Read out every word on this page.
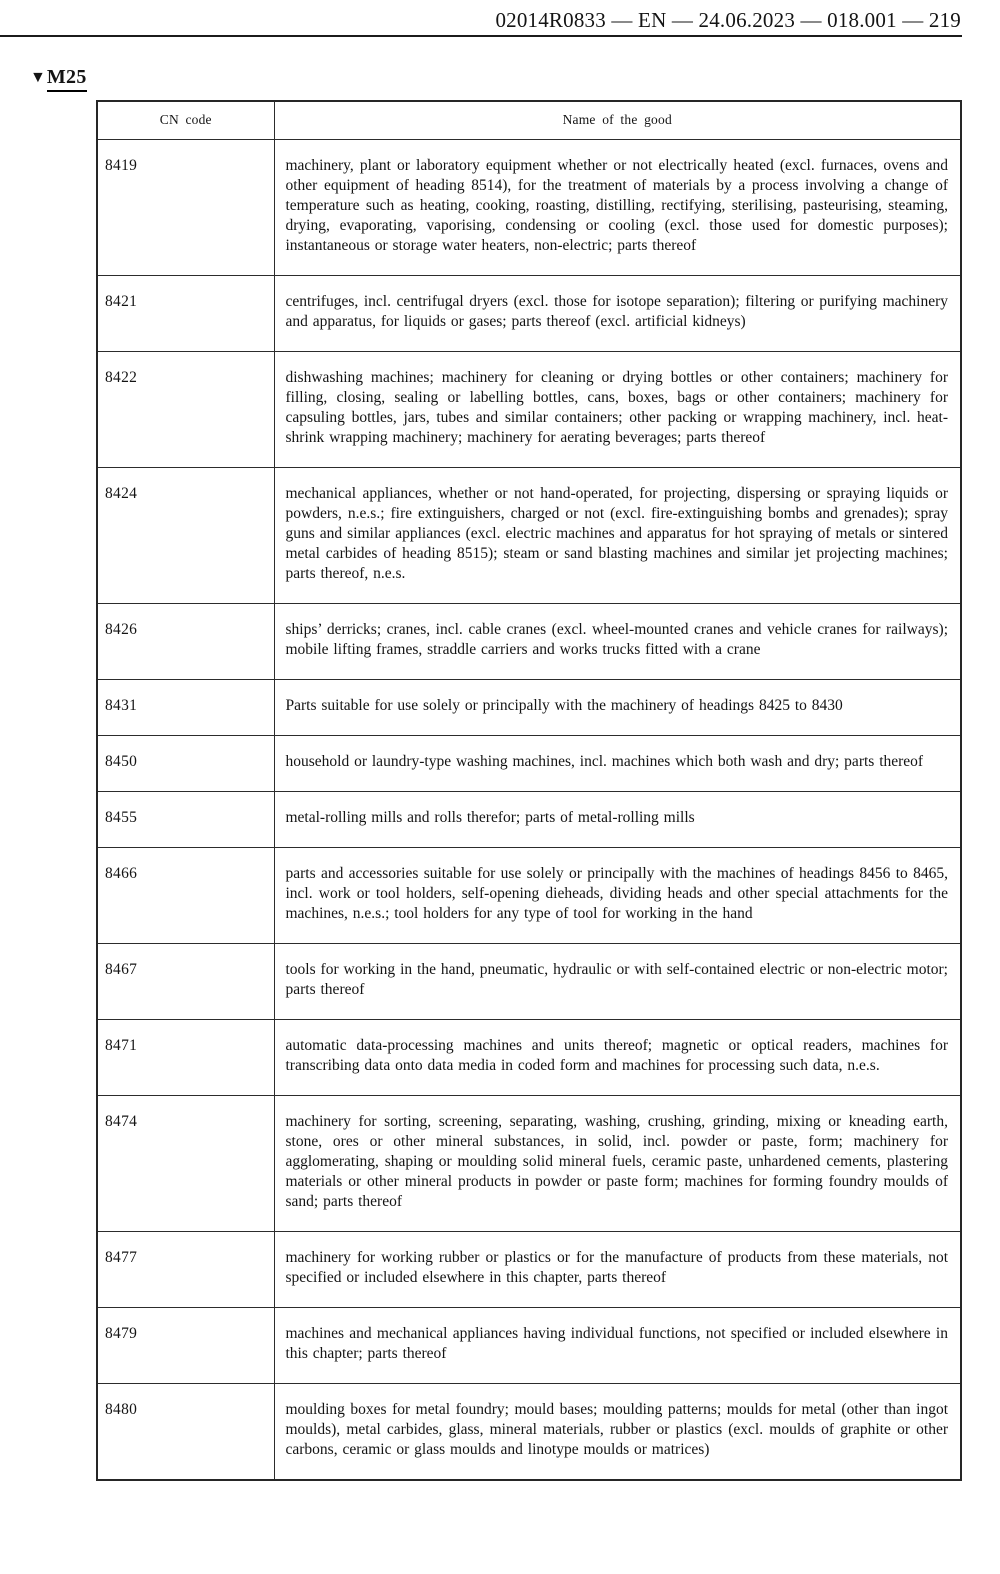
02014R0833 — EN — 24.06.2023 — 018.001 — 219
▼ M25
CN code	Name of the good
8419	machinery, plant or laboratory equipment whether or not electrically heated (excl. furnaces, ovens and other equipment of heading 8514), for the treatment of materials by a process involving a change of temperature such as heating, cooking, roasting, distilling, rectifying, sterilising, pasteurising, steaming, drying, evaporating, vaporising, condensing or cooling (excl. those used for domestic purposes); instantaneous or storage water heaters, non-electric; parts thereof
8421	centrifuges, incl. centrifugal dryers (excl. those for isotope separation); filtering or purifying machinery and apparatus, for liquids or gases; parts thereof (excl. artificial kidneys)
8422	dishwashing machines; machinery for cleaning or drying bottles or other containers; machinery for filling, closing, sealing or labelling bottles, cans, boxes, bags or other containers; machinery for capsuling bottles, jars, tubes and similar containers; other packing or wrapping machinery, incl. heat-shrink wrapping machinery; machinery for aerating beverages; parts thereof
8424	mechanical appliances, whether or not hand-operated, for projecting, dispersing or spraying liquids or powders, n.e.s.; fire extinguishers, charged or not (excl. fire-extinguishing bombs and grenades); spray guns and similar appliances (excl. electric machines and apparatus for hot spraying of metals or sintered metal carbides of heading 8515); steam or sand blasting machines and similar jet projecting machines; parts thereof, n.e.s.
8426	ships’ derricks; cranes, incl. cable cranes (excl. wheel-mounted cranes and vehicle cranes for railways); mobile lifting frames, straddle carriers and works trucks fitted with a crane
8431	Parts suitable for use solely or principally with the machinery of headings 8425 to 8430
8450	household or laundry-type washing machines, incl. machines which both wash and dry; parts thereof
8455	metal-rolling mills and rolls therefor; parts of metal-rolling mills
8466	parts and accessories suitable for use solely or principally with the machines of headings 8456 to 8465, incl. work or tool holders, self-opening dieheads, dividing heads and other special attachments for the machines, n.e.s.; tool holders for any type of tool for working in the hand
8467	tools for working in the hand, pneumatic, hydraulic or with self-contained electric or non-electric motor; parts thereof
8471	automatic data-processing machines and units thereof; magnetic or optical readers, machines for transcribing data onto data media in coded form and machines for processing such data, n.e.s.
8474	machinery for sorting, screening, separating, washing, crushing, grinding, mixing or kneading earth, stone, ores or other mineral substances, in solid, incl. powder or paste, form; machinery for agglomerating, shaping or moulding solid mineral fuels, ceramic paste, unhardened cements, plastering materials or other mineral products in powder or paste form; machines for forming foundry moulds of sand; parts thereof
8477	machinery for working rubber or plastics or for the manufacture of products from these materials, not specified or included elsewhere in this chapter, parts thereof
8479	machines and mechanical appliances having individual functions, not specified or included elsewhere in this chapter; parts thereof
8480	moulding boxes for metal foundry; mould bases; moulding patterns; moulds for metal (other than ingot moulds), metal carbides, glass, mineral materials, rubber or plastics (excl. moulds of graphite or other carbons, ceramic or glass moulds and linotype moulds or matrices)
